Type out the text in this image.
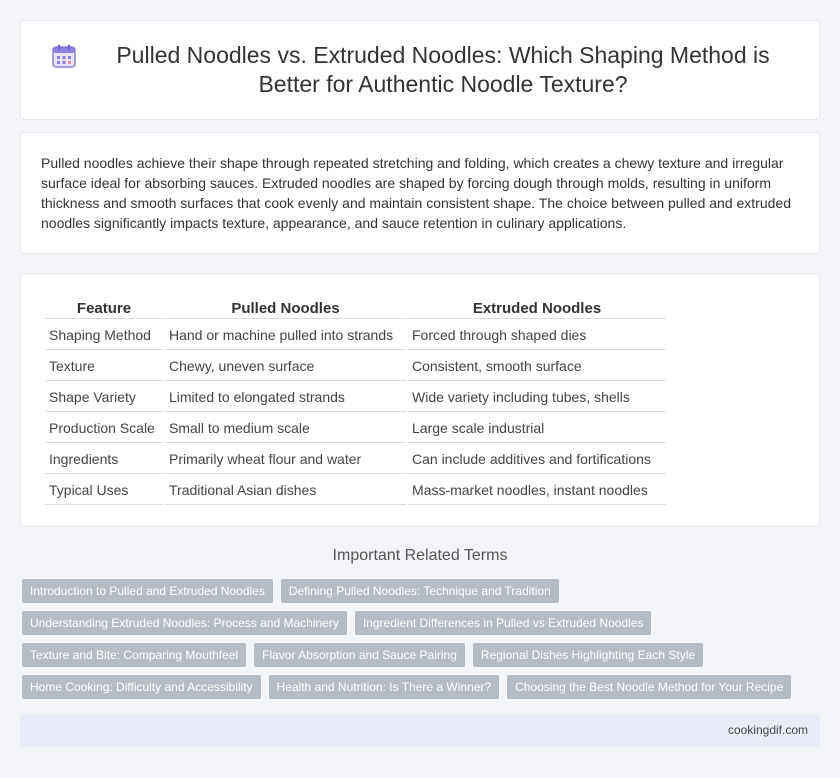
Pulled Noodles vs. Extruded Noodles: Which Shaping Method is Better for Authentic Noodle Texture?

Pulled noodles achieve their shape through repeated stretching and folding, which creates a chewy texture and irregular surface ideal for absorbing sauces. Extruded noodles are shaped by forcing dough through molds, resulting in uniform thickness and smooth surfaces that cook evenly and maintain consistent shape. The choice between pulled and extruded noodles significantly impacts texture, appearance, and sauce retention in culinary applications.

Feature	Pulled Noodles	Extruded Noodles
Shaping Method	Hand or machine pulled into strands	Forced through shaped dies
Texture	Chewy, uneven surface	Consistent, smooth surface
Shape Variety	Limited to elongated strands	Wide variety including tubes, shells
Production Scale	Small to medium scale	Large scale industrial
Ingredients	Primarily wheat flour and water	Can include additives and fortifications
Typical Uses	Traditional Asian dishes	Mass-market noodles, instant noodles
Important Related Terms
Introduction to Pulled and Extruded Noodles	Defining Pulled Noodles: Technique and Tradition
Understanding Extruded Noodles: Process and Machinery	Ingredient Differences in Pulled vs Extruded Noodles
Texture and Bite: Comparing Mouthfeel	Flavor Absorption and Sauce Pairing	Regional Dishes Highlighting Each Style
Home Cooking: Difficulty and Accessibility	Health and Nutrition: Is There a Winner?	Choosing the Best Noodle Method for Your Recipe
cookingdif.com
